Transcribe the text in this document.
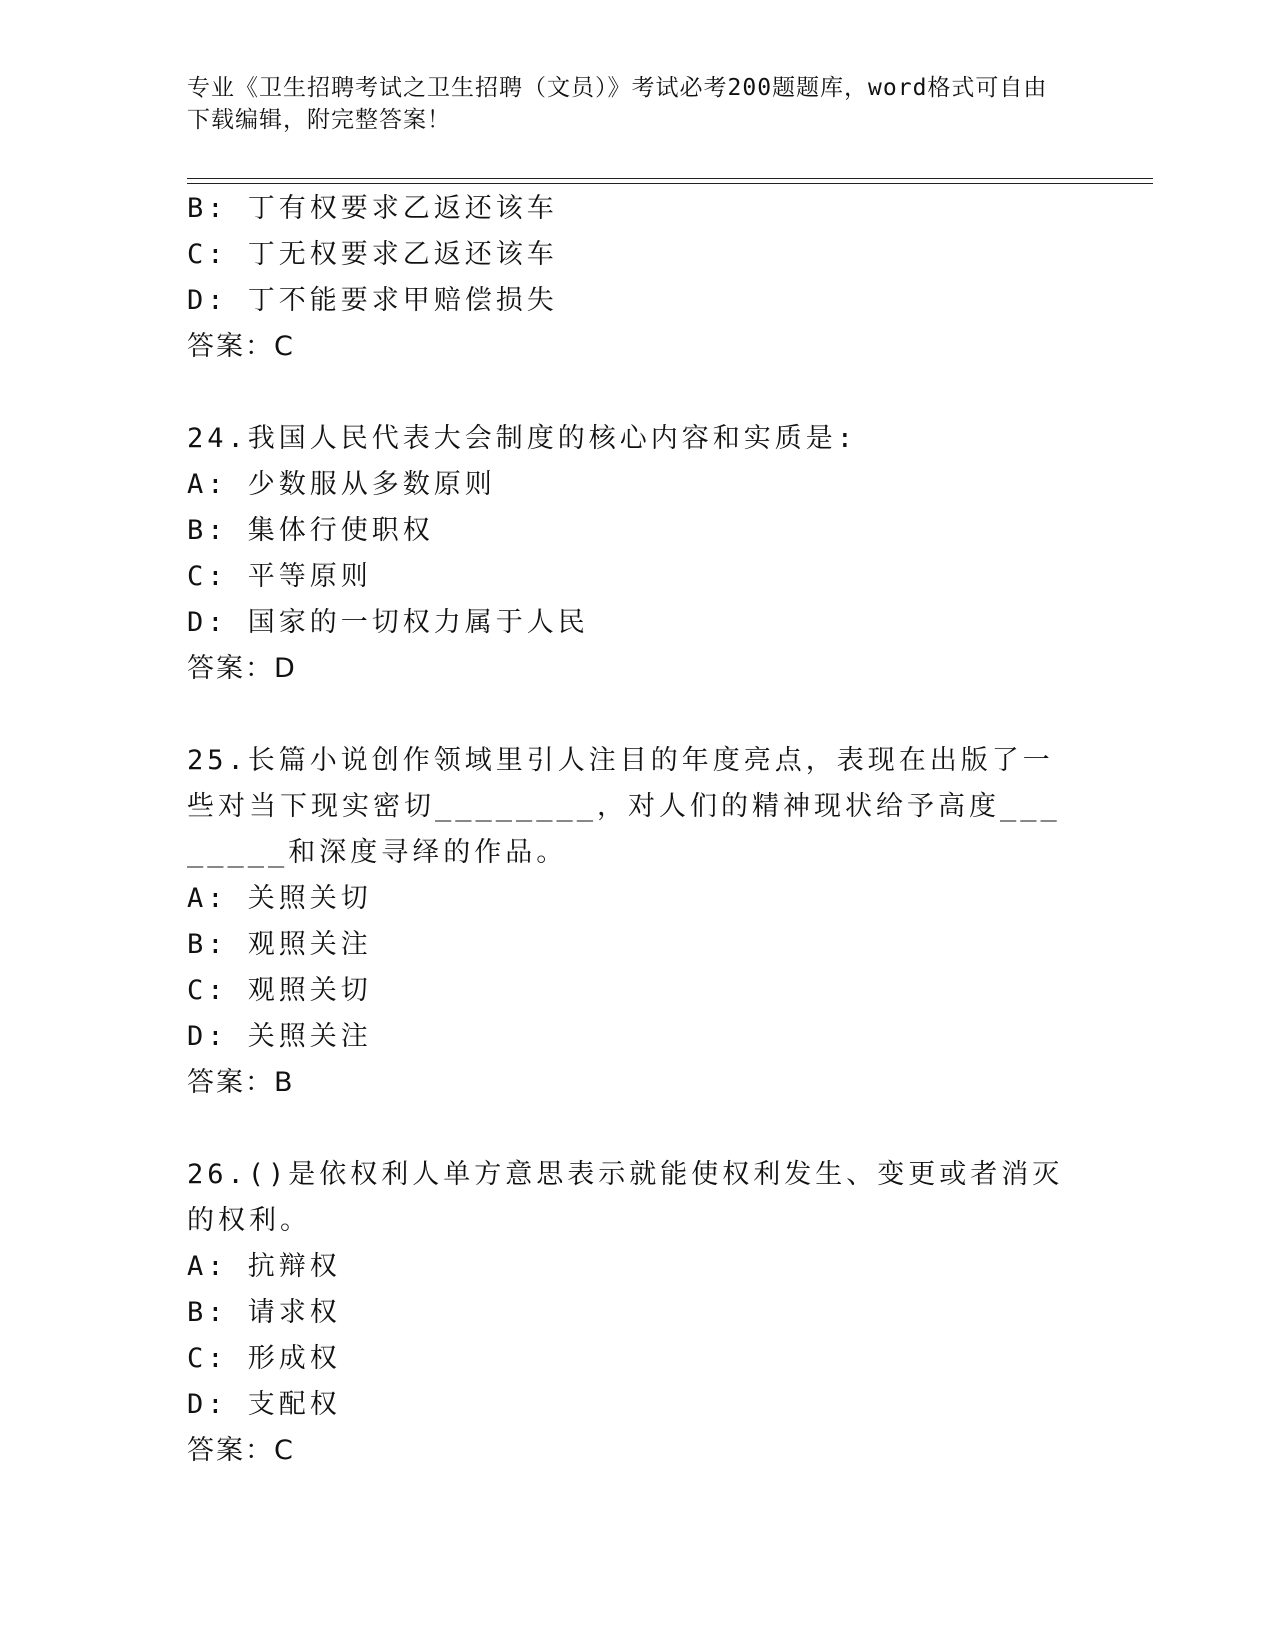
专业《卫生招聘考试之卫生招聘（文员）》考试必考200题题库，word格式可自由下载编辑，附完整答案！
B: 丁有权要求乙返还该车
C: 丁无权要求乙返还该车
D: 丁不能要求甲赔偿损失
答案：C
24.我国人民代表大会制度的核心内容和实质是:
A: 少数服从多数原则
B: 集体行使职权
C: 平等原则
D: 国家的一切权力属于人民
答案：D
25.长篇小说创作领域里引人注目的年度亮点，表现在出版了一些对当下现实密切________，对人们的精神现状给予高度________和深度寻绎的作品。
A: 关照关切
B: 观照关注
C: 观照关切
D: 关照关注
答案：B
26.()是依权利人单方意思表示就能使权利发生、变更或者消灭的权利。
A: 抗辩权
B: 请求权
C: 形成权
D: 支配权
答案：C
